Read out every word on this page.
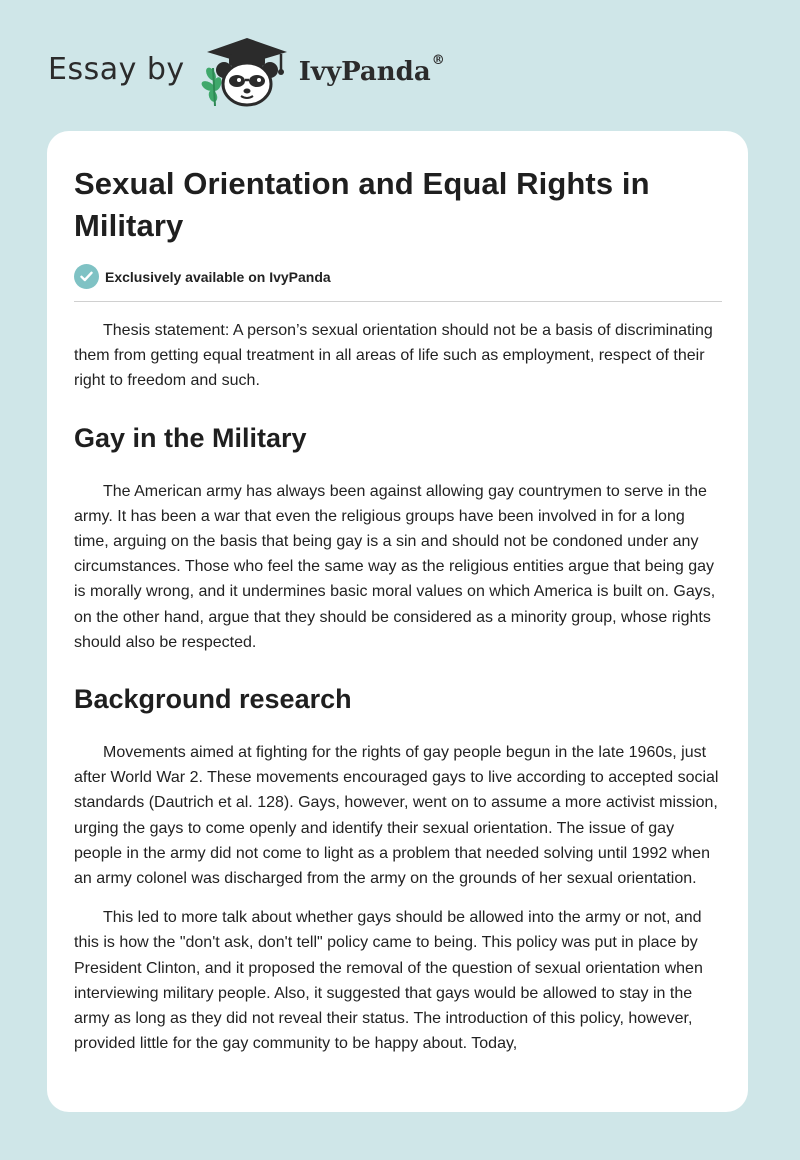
Essay by	IvyPanda®
Sexual Orientation and Equal Rights in Military
Exclusively available on IvyPanda

Thesis statement: A person’s sexual orientation should not be a basis of discriminating them from getting equal treatment in all areas of life such as employment, respect of their right to freedom and such.

Gay in the Military

The American army has always been against allowing gay countrymen to serve in the army. It has been a war that even the religious groups have been involved in for a long time, arguing on the basis that being gay is a sin and should not be condoned under any circumstances. Those who feel the same way as the religious entities argue that being gay is morally wrong, and it undermines basic moral values on which America is built on. Gays, on the other hand, argue that they should be considered as a minority group, whose rights should also be respected.

Background research

Movements aimed at fighting for the rights of gay people begun in the late 1960s, just after World War 2. These movements encouraged gays to live according to accepted social standards (Dautrich et al. 128). Gays, however, went on to assume a more activist mission, urging the gays to come openly and identify their sexual orientation. The issue of gay people in the army did not come to light as a problem that needed solving until 1992 when an army colonel was discharged from the army on the grounds of her sexual orientation.

This led to more talk about whether gays should be allowed into the army or not, and this is how the "don't ask, don't tell" policy came to being. This policy was put in place by President Clinton, and it proposed the removal of the question of sexual orientation when interviewing military people. Also, it suggested that gays would be allowed to stay in the army as long as they did not reveal their status. The introduction of this policy, however, provided little for the gay community to be happy about. Today,
